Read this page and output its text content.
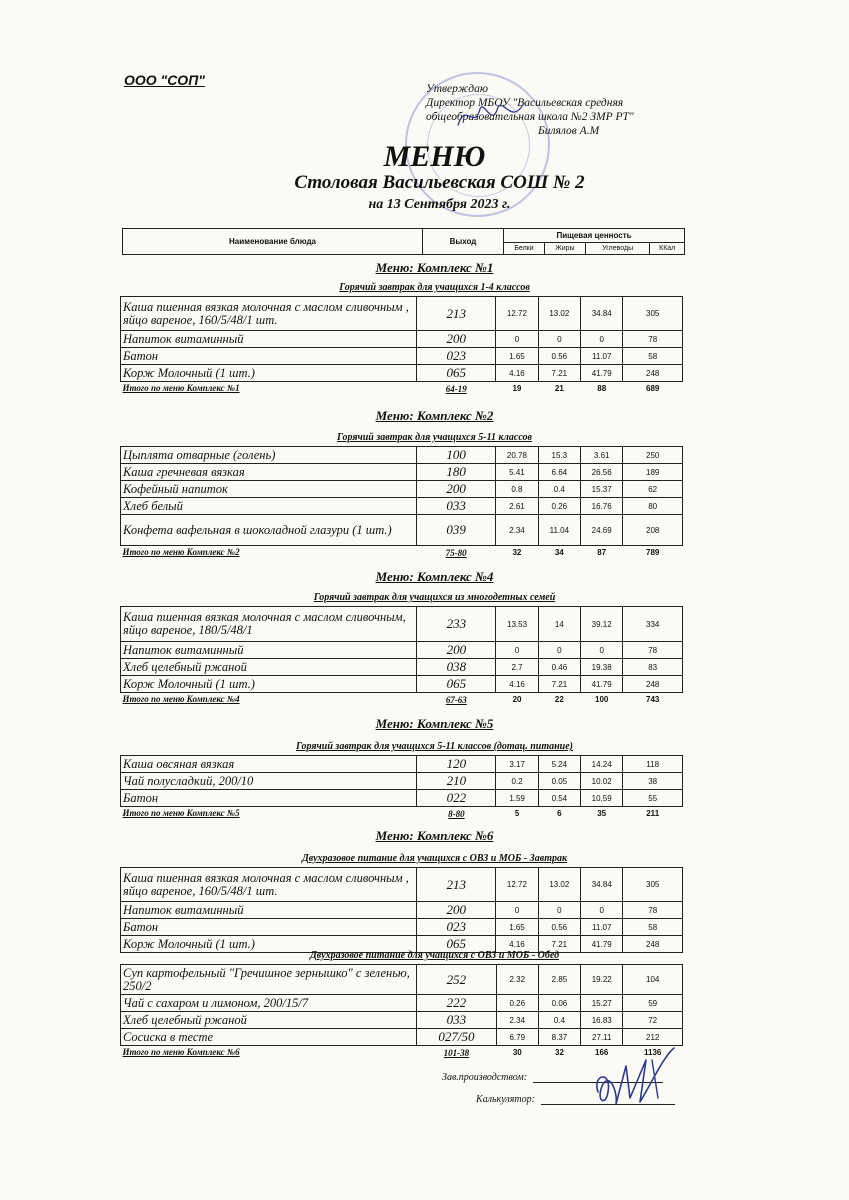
ООО "СОП"
Утверждаю
Директор МБОУ "Васильевская средняя
общеобразовательная школа №2 ЗМР РТ"
Билялов А.М
МЕНЮ
Столовая Васильевская СОШ № 2
на 13 Сентября 2023 г.
Наименование блюда	Выход	Пищевая ценность			
		Белки	Жиры	Углеводы	ККал
Меню: Комплекс №1
Горячий завтрак для учащихся 1-4 классов
Каша пшенная вязкая молочная с маслом сливочным , яйцо вареное, 160/5/48/1 шт.	213	12.72	13.02	34.84	305
Напиток витаминный	200	0	0	0	78
Батон	023	1.65	0.56	11.07	58
Корж Молочный (1 шт.)	065	4.16	7.21	41.79	248
Итого по меню Комплекс №1	64-19	19	21	88	689
Меню: Комплекс №2
Горячий завтрак для учащихся 5-11 классов
Цыплята отварные (голень)	100	20.78	15.3	3.61	250
Каша гречневая вязкая	180	5.41	6.64	26.56	189
Кофейный напиток	200	0.8	0.4	15.37	62
Хлеб белый	033	2.61	0.26	16.76	80
Конфета вафельная в шоколадной глазури (1 шт.)	039	2.34	11.04	24.69	208
Итого по меню Комплекс №2	75-80	32	34	87	789
Меню: Комплекс №4
Горячий завтрак для учащихся из многодетных семей
Каша пшенная вязкая молочная с маслом сливочным, яйцо вареное, 180/5/48/1	233	13.53	14	39.12	334
Напиток витаминный	200	0	0	0	78
Хлеб целебный ржаной	038	2.7	0.46	19.38	83
Корж Молочный (1 шт.)	065	4.16	7.21	41.79	248
Итого по меню Комплекс №4	67-63	20	22	100	743
Меню: Комплекс №5
Горячий завтрак для учащихся 5-11 классов (дотац. питание)
Каша овсяная вязкая	120	3.17	5.24	14.24	118
Чай полусладкий, 200/10	210	0.2	0.05	10.02	38
Батон	022	1.59	0.54	10.59	55
Итого по меню Комплекс №5	8-80	5	6	35	211
Меню: Комплекс №6
Двухразовое питание для учащихся с ОВЗ и МОБ - Завтрак
Каша пшенная вязкая молочная с маслом сливочным , яйцо вареное, 160/5/48/1 шт.	213	12.72	13.02	34.84	305
Напиток витаминный	200	0	0	0	78
Батон	023	1.65	0.56	11.07	58
Корж Молочный (1 шт.)	065	4.16	7.21	41.79	248
Двухразовое питание для учащихся с ОВЗ и МОБ - Обед
Суп картофельный "Гречишное зернышко" с зеленью, 250/2	252	2.32	2.85	19.22	104
Чай с сахаром и лимоном, 200/15/7	222	0.26	0.06	15.27	59
Хлеб целебный ржаной	033	2.34	0.4	16.83	72
Сосиска в тесте	027/50	6.79	8.37	27.11	212
Итого по меню Комплекс №6	101-38	30	32	166	1136
Зав.производством:
Калькулятор:
